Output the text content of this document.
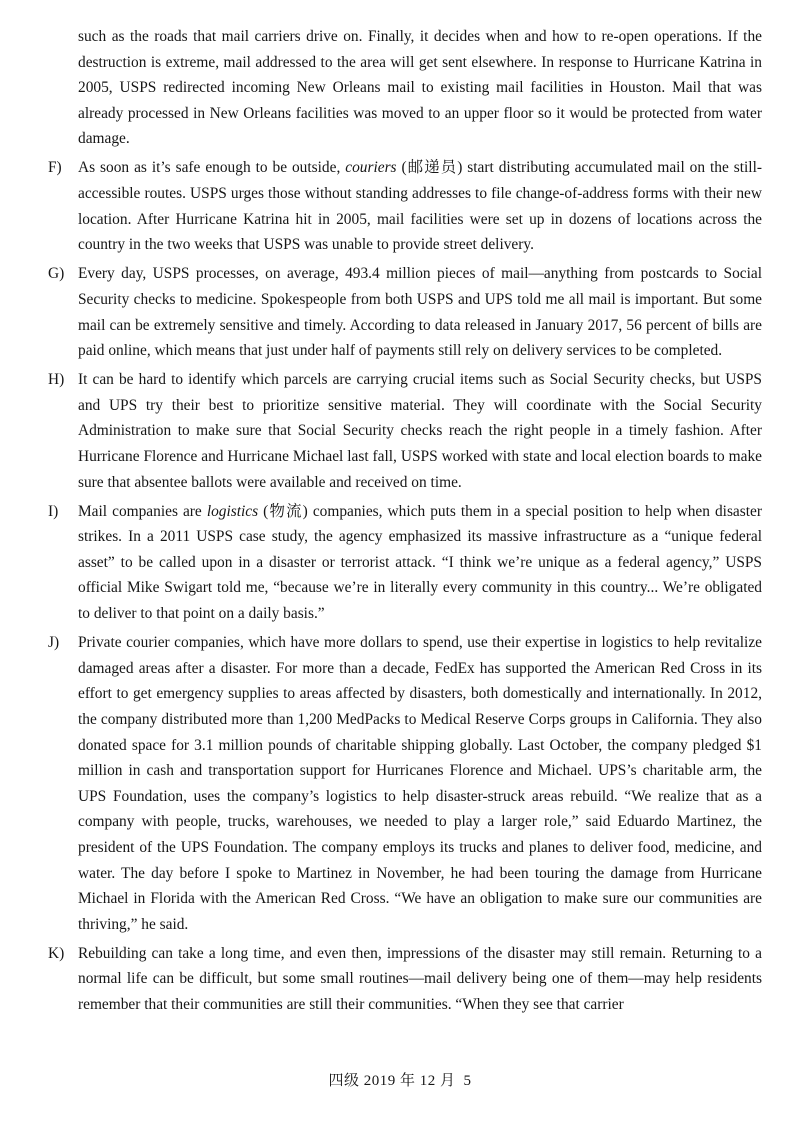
such as the roads that mail carriers drive on. Finally, it decides when and how to re-open operations. If the destruction is extreme, mail addressed to the area will get sent elsewhere. In response to Hurricane Katrina in 2005, USPS redirected incoming New Orleans mail to existing mail facilities in Houston. Mail that was already processed in New Orleans facilities was moved to an upper floor so it would be protected from water damage.

F) As soon as it’s safe enough to be outside, couriers (邮递员) start distributing accumulated mail on the still-accessible routes. USPS urges those without standing addresses to file change-of-address forms with their new location. After Hurricane Katrina hit in 2005, mail facilities were set up in dozens of locations across the country in the two weeks that USPS was unable to provide street delivery.

G) Every day, USPS processes, on average, 493.4 million pieces of mail—anything from postcards to Social Security checks to medicine. Spokespeople from both USPS and UPS told me all mail is important. But some mail can be extremely sensitive and timely. According to data released in January 2017, 56 percent of bills are paid online, which means that just under half of payments still rely on delivery services to be completed.

H) It can be hard to identify which parcels are carrying crucial items such as Social Security checks, but USPS and UPS try their best to prioritize sensitive material. They will coordinate with the Social Security Administration to make sure that Social Security checks reach the right people in a timely fashion. After Hurricane Florence and Hurricane Michael last fall, USPS worked with state and local election boards to make sure that absentee ballots were available and received on time.

I) Mail companies are logistics (物流) companies, which puts them in a special position to help when disaster strikes. In a 2011 USPS case study, the agency emphasized its massive infrastructure as a “unique federal asset” to be called upon in a disaster or terrorist attack. “I think we’re unique as a federal agency,” USPS official Mike Swigart told me, “because we’re in literally every community in this country... We’re obligated to deliver to that point on a daily basis.”

J) Private courier companies, which have more dollars to spend, use their expertise in logistics to help revitalize damaged areas after a disaster. For more than a decade, FedEx has supported the American Red Cross in its effort to get emergency supplies to areas affected by disasters, both domestically and internationally. In 2012, the company distributed more than 1,200 MedPacks to Medical Reserve Corps groups in California. They also donated space for 3.1 million pounds of charitable shipping globally. Last October, the company pledged $1 million in cash and transportation support for Hurricanes Florence and Michael. UPS’s charitable arm, the UPS Foundation, uses the company’s logistics to help disaster-struck areas rebuild. “We realize that as a company with people, trucks, warehouses, we needed to play a larger role,” said Eduardo Martinez, the president of the UPS Foundation. The company employs its trucks and planes to deliver food, medicine, and water. The day before I spoke to Martinez in November, he had been touring the damage from Hurricane Michael in Florida with the American Red Cross. “We have an obligation to make sure our communities are thriving,” he said.

K) Rebuilding can take a long time, and even then, impressions of the disaster may still remain. Returning to a normal life can be difficult, but some small routines—mail delivery being one of them—may help residents remember that their communities are still their communities. “When they see that carrier

四级 2019 年 12 月 5
